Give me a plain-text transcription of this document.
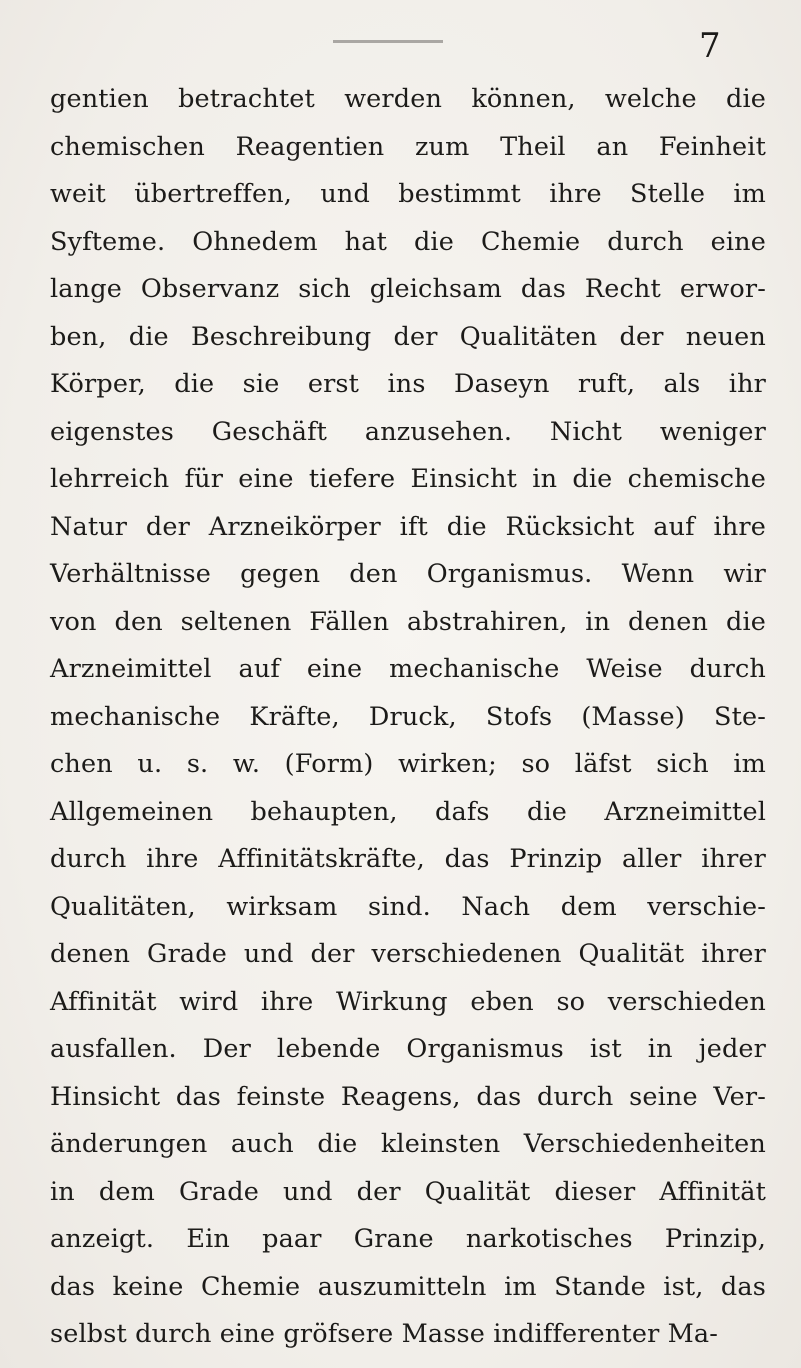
7
gentien betrachtet werden können, welche die
chemischen Reagentien zum Theil an Feinheit
weit übertreffen, und bestimmt ihre Stelle im
Syfteme. Ohnedem hat die Chemie durch eine
lange Observanz sich gleichsam das Recht erwor-
ben, die Beschreibung der Qualitäten der neuen
Körper, die sie erst ins Daseyn ruft, als ihr
eigenstes Geschäft anzusehen. Nicht weniger
lehrreich für eine tiefere Einsicht in die chemische
Natur der Arzneikörper ift die Rücksicht auf ihre
Verhältnisse gegen den Organismus. Wenn wir
von den seltenen Fällen abstrahiren, in denen die
Arzneimittel auf eine mechanische Weise durch
mechanische Kräfte, Druck, Stofs (Masse) Ste-
chen u. s. w. (Form) wirken; so läfst sich im
Allgemeinen behaupten, dafs die Arzneimittel
durch ihre Affinitätskräfte, das Prinzip aller ihrer
Qualitäten, wirksam sind. Nach dem verschie-
denen Grade und der verschiedenen Qualität ihrer
Affinität wird ihre Wirkung eben so verschieden
ausfallen. Der lebende Organismus ist in jeder
Hinsicht das feinste Reagens, das durch seine Ver-
änderungen auch die kleinsten Verschiedenheiten
in dem Grade und der Qualität dieser Affinität
anzeigt. Ein paar Grane narkotisches Prinzip,
das keine Chemie auszumitteln im Stande ist, das
selbst durch eine gröfsere Masse indifferenter Ma-
